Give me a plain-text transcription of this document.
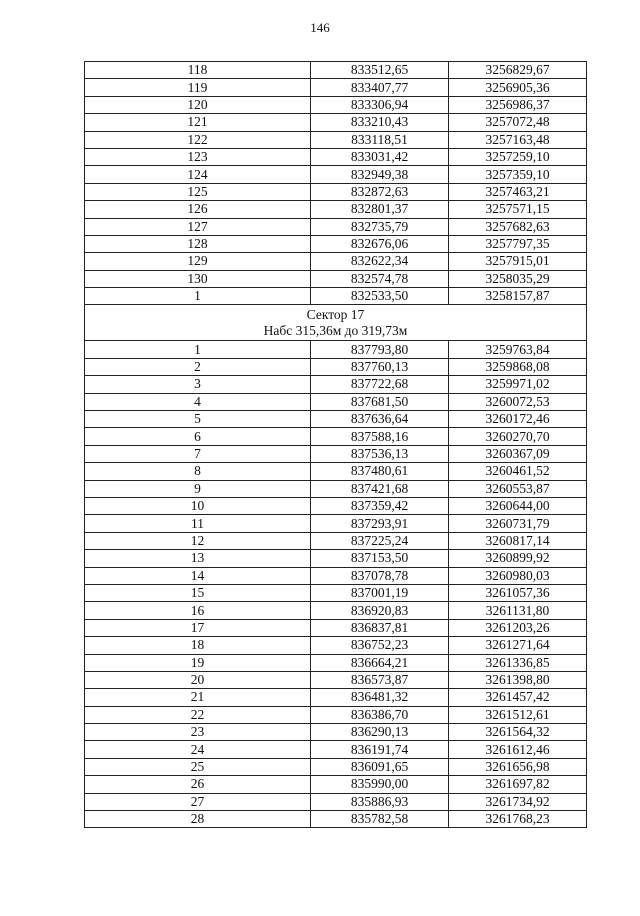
146
118	833512,65	3256829,67
119	833407,77	3256905,36
120	833306,94	3256986,37
121	833210,43	3257072,48
122	833118,51	3257163,48
123	833031,42	3257259,10
124	832949,38	3257359,10
125	832872,63	3257463,21
126	832801,37	3257571,15
127	832735,79	3257682,63
128	832676,06	3257797,35
129	832622,34	3257915,01
130	832574,78	3258035,29
1	832533,50	3258157,87

Сектор 17
Набс 315,36м до 319,73м		

1	837793,80	3259763,84
2	837760,13	3259868,08
3	837722,68	3259971,02
4	837681,50	3260072,53
5	837636,64	3260172,46
6	837588,16	3260270,70
7	837536,13	3260367,09
8	837480,61	3260461,52
9	837421,68	3260553,87
10	837359,42	3260644,00
11	837293,91	3260731,79
12	837225,24	3260817,14
13	837153,50	3260899,92
14	837078,78	3260980,03
15	837001,19	3261057,36
16	836920,83	3261131,80
17	836837,81	3261203,26
18	836752,23	3261271,64
19	836664,21	3261336,85
20	836573,87	3261398,80
21	836481,32	3261457,42
22	836386,70	3261512,61
23	836290,13	3261564,32
24	836191,74	3261612,46
25	836091,65	3261656,98
26	835990,00	3261697,82
27	835886,93	3261734,92
28	835782,58	3261768,23
